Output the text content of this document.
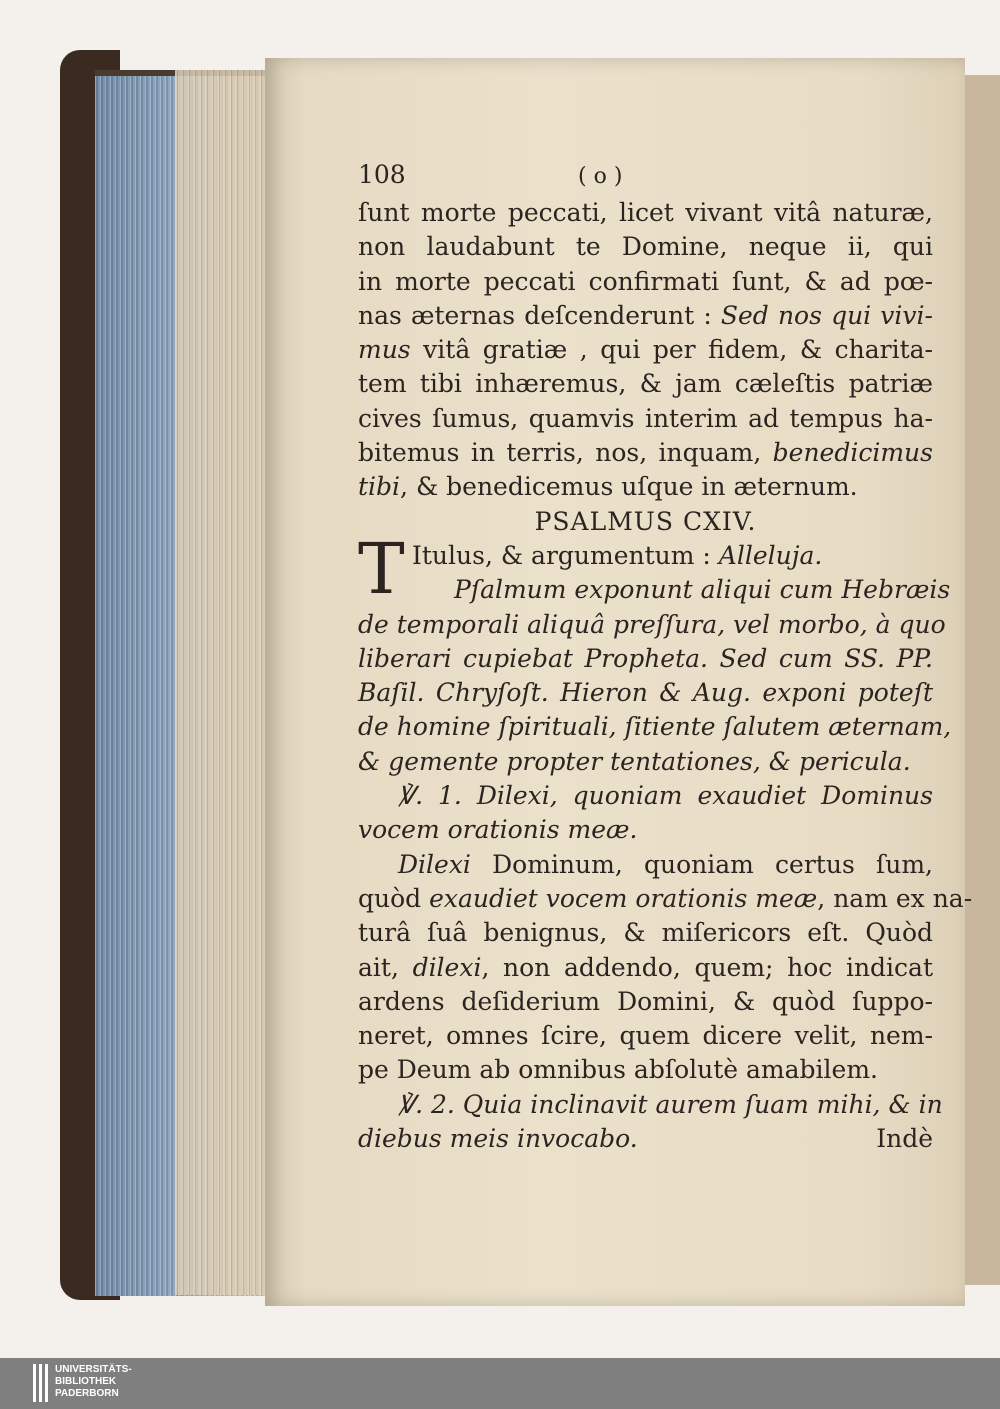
108	( o )
ſunt morte peccati, licet vivant vitâ naturæ,
non laudabunt te Domine, neque ii, qui
in morte peccati confirmati ſunt, & ad pœ-
nas æternas deſcenderunt : Sed nos qui vivi-
mus vitâ gratiæ , qui per fidem, & charita-
tem tibi inhæremus, & jam cæleſtis patriæ
cives ſumus, quamvis interim ad tempus ha-
bitemus in terris, nos, inquam, benedicimus
tibi, & benedicemus uſque in æternum.
PSALMUS CXIV.
T Itulus, & argumentum : Alleluja.
Pſalmum exponunt aliqui cum Hebræis
de temporali aliquâ preſſura, vel morbo, à quo
liberari cupiebat Propheta. Sed cum SS. PP.
Baſil. Chryſoſt. Hieron & Aug. exponi poteſt
de homine ſpirituali, ſitiente ſalutem æternam,
& gemente propter tentationes, & pericula.
℣. 1. Dilexi, quoniam exaudiet Dominus
vocem orationis meæ.
Dilexi Dominum, quoniam certus ſum,
quòd exaudiet vocem orationis meæ, nam ex na-
turâ ſuâ benignus, & miſericors eſt. Quòd
ait, dilexi, non addendo, quem; hoc indicat
ardens deſiderium Domini, & quòd ſuppo-
neret, omnes ſcire, quem dicere velit, nem-
pe Deum ab omnibus abſolutè amabilem.
℣. 2. Quia inclinavit aurem ſuam mihi, & in
diebus meis invocabo.	Indè
UNIVERSITÄTS-
BIBLIOTHEK
PADERBORN
